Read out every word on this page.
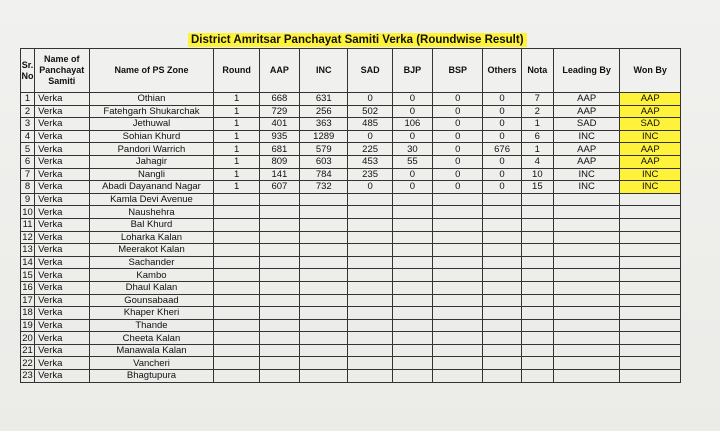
District Amritsar Panchayat Samiti Verka (Roundwise Result)
Sr. No	Name of Panchayat Samiti	Name of PS Zone	Round	AAP	INC	SAD	BJP	BSP	Others	Nota	Leading By	Won By
1	Verka	Othian	1	668	631	0	0	0	0	7	AAP	AAP
2	Verka	Fatehgarh Shukarchak	1	729	256	502	0	0	0	2	AAP	AAP
3	Verka	Jethuwal	1	401	363	485	106	0	0	1	SAD	SAD
4	Verka	Sohian Khurd	1	935	1289	0	0	0	0	6	INC	INC
5	Verka	Pandori Warrich	1	681	579	225	30	0	676	1	AAP	AAP
6	Verka	Jahagir	1	809	603	453	55	0	0	4	AAP	AAP
7	Verka	Nangli	1	141	784	235	0	0	0	10	INC	INC
8	Verka	Abadi Dayanand Nagar	1	607	732	0	0	0	0	15	INC	INC
9	Verka	Kamla Devi Avenue										
10	Verka	Naushehra										
11	Verka	Bal Khurd										
12	Verka	Loharka Kalan										
13	Verka	Meerakot Kalan										
14	Verka	Sachander										
15	Verka	Kambo										
16	Verka	Dhaul Kalan										
17	Verka	Gounsabaad										
18	Verka	Khaper Kheri										
19	Verka	Thande										
20	Verka	Cheeta Kalan										
21	Verka	Manawala Kalan										
22	Verka	Vancheri										
23	Verka	Bhagtupura										
